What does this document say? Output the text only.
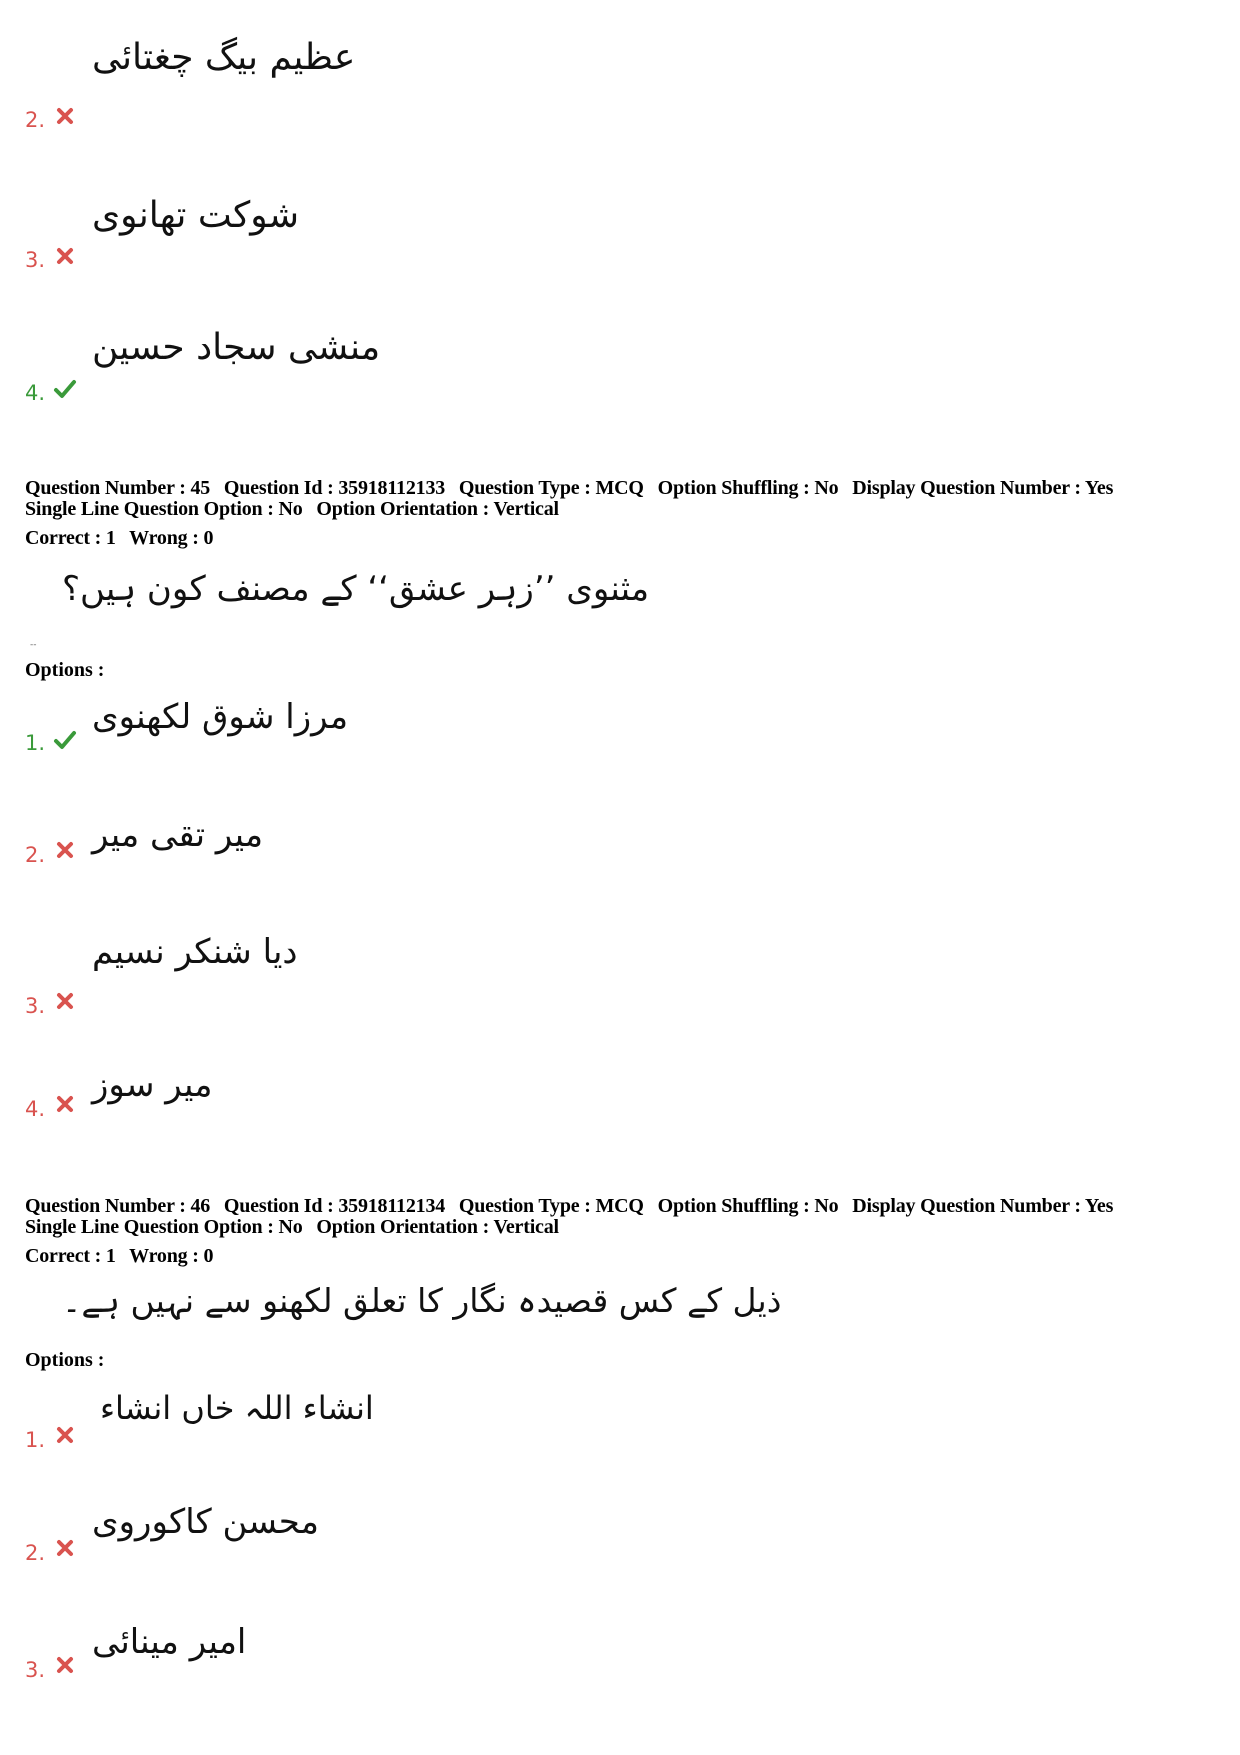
عظیم بیگ چغتائی
2.
شوکت تھانوی
3.
منشی سجاد حسین
4.
Question Number : 45 Question Id : 35918112133 Question Type : MCQ Option Shuffling : No Display Question Number : Yes
Single Line Question Option : No Option Orientation : Vertical
Correct : 1 Wrong : 0
مثنوی ’’زہر عشق‘‘ کے مصنف کون ہیں؟
--
Options :
مرزا شوق لکھنوی
1.
میر تقی میر
2.
دیا شنکر نسیم
3.
میر سوز
4.
Question Number : 46 Question Id : 35918112134 Question Type : MCQ Option Shuffling : No Display Question Number : Yes
Single Line Question Option : No Option Orientation : Vertical
Correct : 1 Wrong : 0
ذیل کے کس قصیدہ نگار کا تعلق لکھنو سے نہیں ہے۔
Options :
انشاء اللہ خاں انشاء
1.
محسن کاکوروی
2.
امیر مینائی
3.
